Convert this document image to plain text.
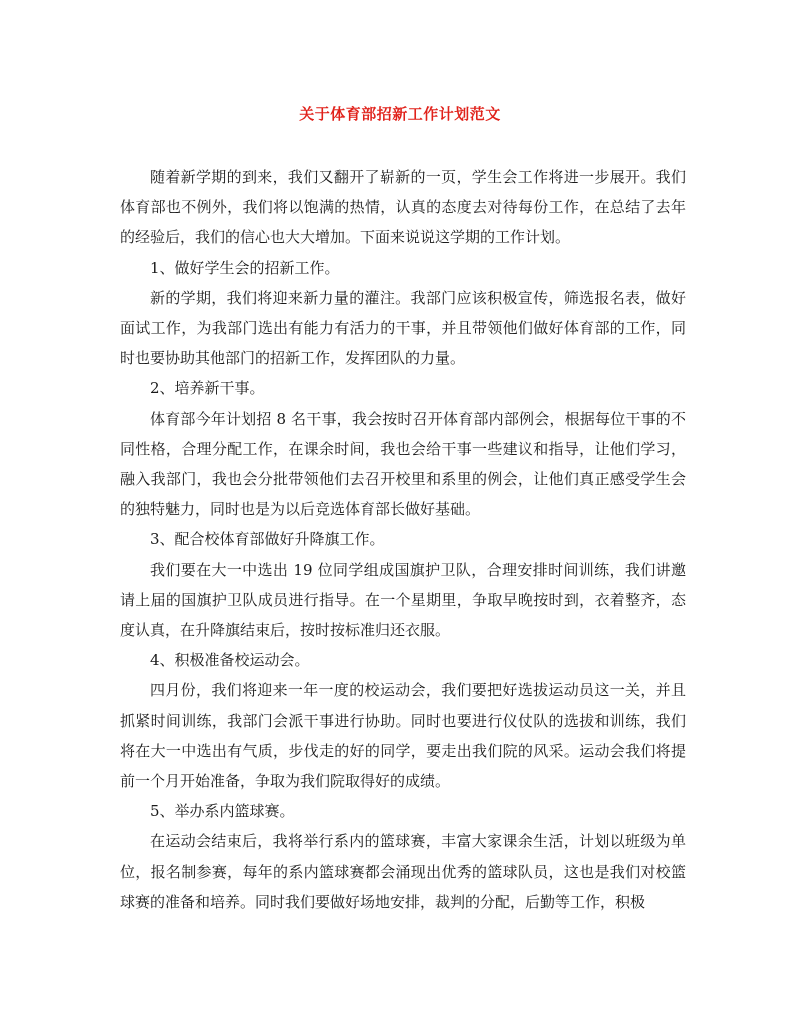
关于体育部招新工作计划范文

随着新学期的到来，我们又翻开了崭新的一页，学生会工作将进一步展开。我们体育部也不例外，我们将以饱满的热情，认真的态度去对待每份工作，在总结了去年的经验后，我们的信心也大大增加。下面来说说这学期的工作计划。

1、做好学生会的招新工作。

新的学期，我们将迎来新力量的灌注。我部门应该积极宣传，筛选报名表，做好面试工作，为我部门选出有能力有活力的干事，并且带领他们做好体育部的工作，同时也要协助其他部门的招新工作，发挥团队的力量。

2、培养新干事。

体育部今年计划招 8 名干事，我会按时召开体育部内部例会，根据每位干事的不同性格，合理分配工作，在课余时间，我也会给干事一些建议和指导，让他们学习，融入我部门，我也会分批带领他们去召开校里和系里的例会，让他们真正感受学生会的独特魅力，同时也是为以后竞选体育部长做好基础。

3、配合校体育部做好升降旗工作。

我们要在大一中选出 19 位同学组成国旗护卫队，合理安排时间训练，我们讲邀请上届的国旗护卫队成员进行指导。在一个星期里，争取早晚按时到，衣着整齐，态度认真，在升降旗结束后，按时按标准归还衣服。

4、积极准备校运动会。

四月份，我们将迎来一年一度的校运动会，我们要把好选拔运动员这一关，并且抓紧时间训练，我部门会派干事进行协助。同时也要进行仪仗队的选拔和训练，我们将在大一中选出有气质，步伐走的好的同学，要走出我们院的风采。运动会我们将提前一个月开始准备，争取为我们院取得好的成绩。

5、举办系内篮球赛。

在运动会结束后，我将举行系内的篮球赛，丰富大家课余生活，计划以班级为单位，报名制参赛，每年的系内篮球赛都会涌现出优秀的篮球队员，这也是我们对校篮球赛的准备和培养。同时我们要做好场地安排，裁判的分配，后勤等工作，积极
